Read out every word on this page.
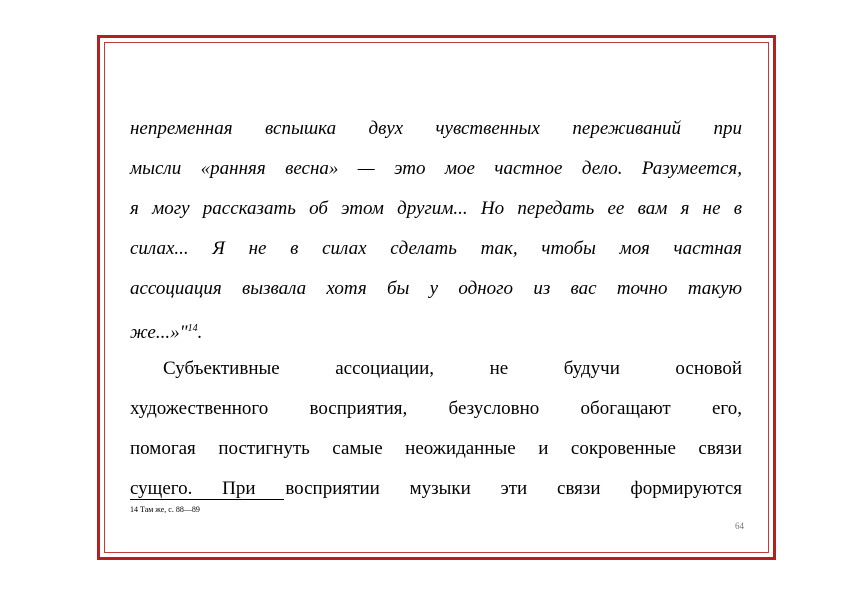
непременная вспышка двух чувственных переживаний при
мысли «ранняя весна» — это мое частное дело. Разумеется,
я могу рассказать об этом другим... Но передать ее вам я не в
силах... Я не в силах сделать так, чтобы моя частная
ассоциация вызвала хотя бы у одного из вас точно такую
же...»"$^{14}$.
Субъективные ассоциации, не будучи основой
художественного восприятия, безусловно обогащают его,
помогая постигнуть самые неожиданные и сокровенные связи
сущего. При восприятии музыки эти связи формируются
14 Там же, с. 88—89
64
